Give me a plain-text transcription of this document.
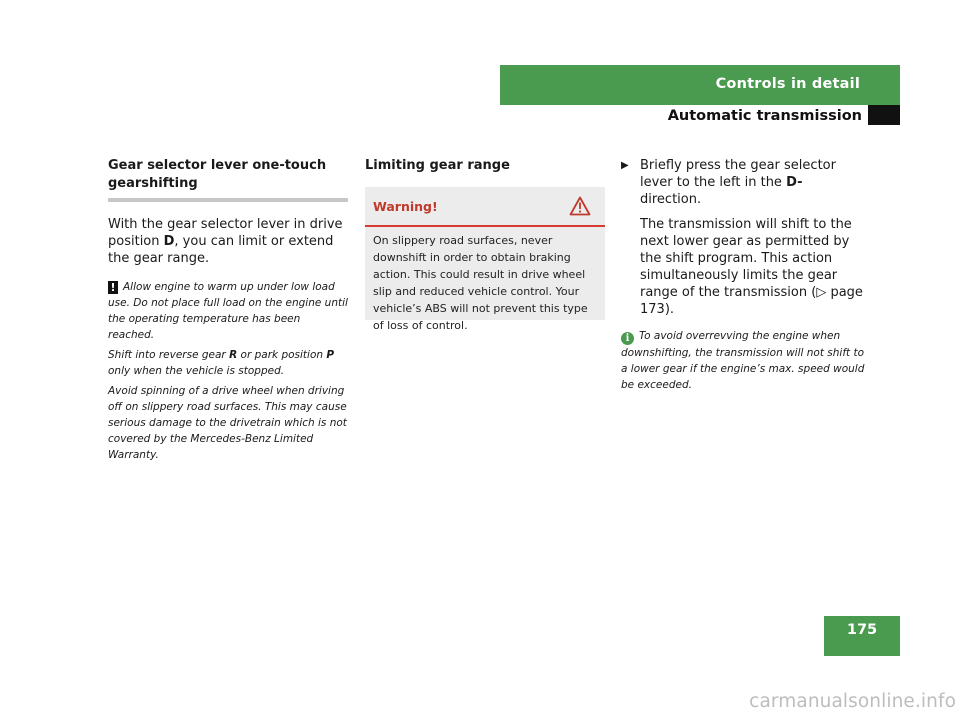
Controls in detail
Automatic transmission
Gear selector lever one-touch gearshifting
With the gear selector lever in drive position D, you can limit or extend the gear range.
! Allow engine to warm up under low load use. Do not place full load on the engine until the operating temperature has been reached.
Shift into reverse gear R or park position P only when the vehicle is stopped.
Avoid spinning of a drive wheel when driving off on slippery road surfaces. This may cause serious damage to the drivetrain which is not covered by the Mercedes-Benz Limited Warranty.
Limiting gear range
Warning!
On slippery road surfaces, never downshift in order to obtain braking action. This could result in drive wheel slip and reduced vehicle control. Your vehicle’s ABS will not prevent this type of loss of control.
▶ Briefly press the gear selector lever to the left in the D- direction.
The transmission will shift to the next lower gear as permitted by the shift program. This action simultaneously limits the gear range of the transmission (▷ page 173).
i To avoid overrevving the engine when downshifting, the transmission will not shift to a lower gear if the engine’s max. speed would be exceeded.
175
carmanualsonline.info
